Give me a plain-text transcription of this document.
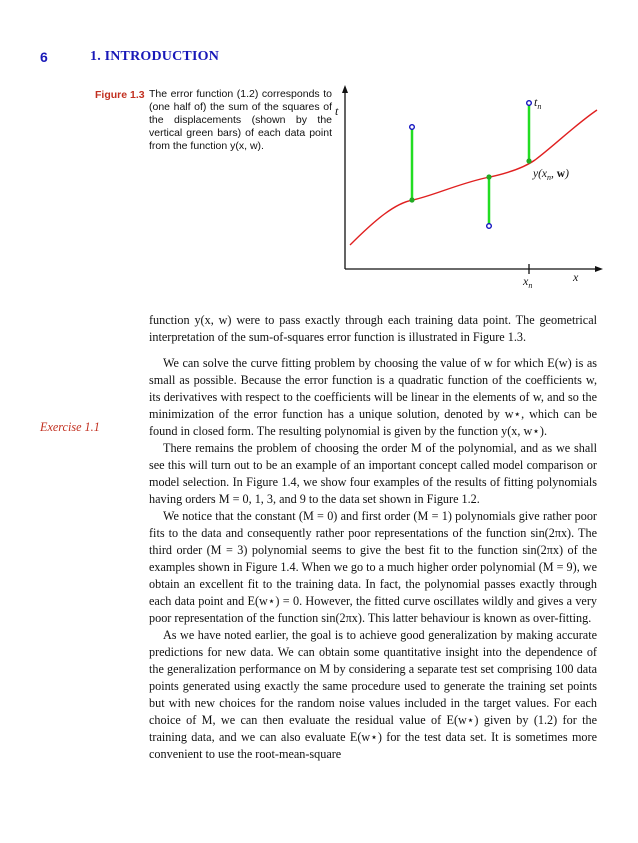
6	1. INTRODUCTION
Figure 1.3 The error function (1.2) corresponds to (one half of) the sum of the squares of the displacements (shown by the vertical green bars) of each data point from the function y(x, w).
t
$t_n$
$y(x_n$, w)
$x_n$
x
Exercise 1.1

function y(x, w) were to pass exactly through each training data point. The geometrical interpretation of the sum-of-squares error function is illustrated in Figure 1.3.

We can solve the curve fitting problem by choosing the value of w for which E(w) is as small as possible. Because the error function is a quadratic function of the coefficients w, its derivatives with respect to the coefficients will be linear in the elements of w, and so the minimization of the error function has a unique solution, denoted by w⋆, which can be found in closed form. The resulting polynomial is given by the function y(x, w⋆).

There remains the problem of choosing the order M of the polynomial, and as we shall see this will turn out to be an example of an important concept called model comparison or model selection. In Figure 1.4, we show four examples of the results of fitting polynomials having orders M = 0, 1, 3, and 9 to the data set shown in Figure 1.2.

We notice that the constant (M = 0) and first order (M = 1) polynomials give rather poor fits to the data and consequently rather poor representations of the function sin(2πx). The third order (M = 3) polynomial seems to give the best fit to the function sin(2πx) of the examples shown in Figure 1.4. When we go to a much higher order polynomial (M = 9), we obtain an excellent fit to the training data. In fact, the polynomial passes exactly through each data point and E(w⋆) = 0. However, the fitted curve oscillates wildly and gives a very poor representation of the function sin(2πx). This latter behaviour is known as over-fitting.

As we have noted earlier, the goal is to achieve good generalization by making accurate predictions for new data. We can obtain some quantitative insight into the dependence of the generalization performance on M by considering a separate test set comprising 100 data points generated using exactly the same procedure used to generate the training set points but with new choices for the random noise values included in the target values. For each choice of M, we can then evaluate the residual value of E(w⋆) given by (1.2) for the training data, and we can also evaluate E(w⋆) for the test data set. It is sometimes more convenient to use the root-mean-square
